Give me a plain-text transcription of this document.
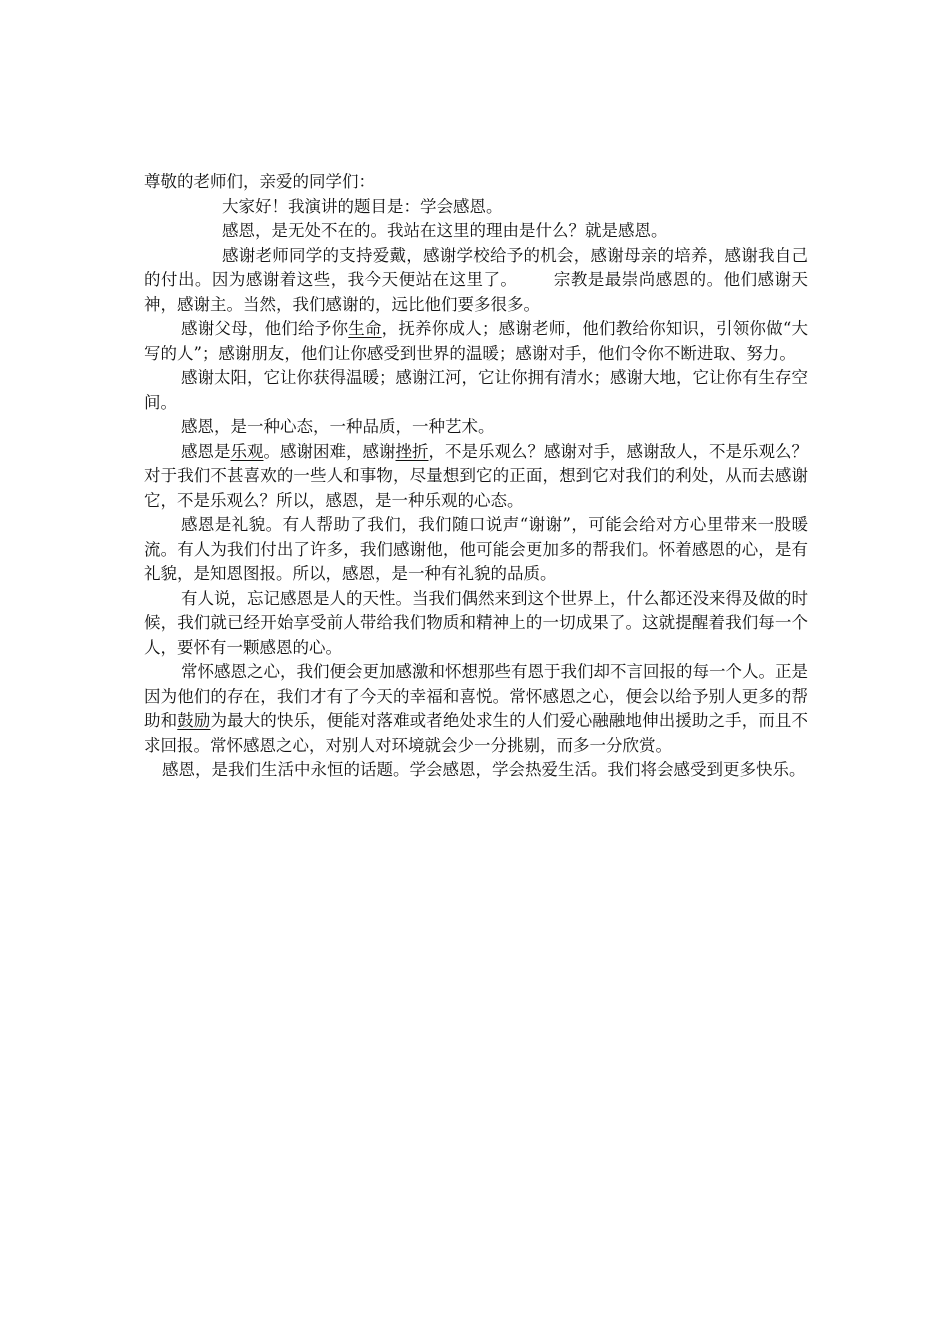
尊敬的老师们，亲爱的同学们：

大家好！我演讲的题目是：学会感恩。

感恩，是无处不在的。我站在这里的理由是什么？就是感恩。

感谢老师同学的支持爱戴，感谢学校给予的机会，感谢母亲的培养，感谢我自己的付出。因为感谢着这些，我今天便站在这里了。 宗教是最崇尚感恩的。他们感谢天神，感谢主。当然，我们感谢的，远比他们要多很多。

感谢父母，他们给予你生命，抚养你成人；感谢老师，他们教给你知识，引领你做“大写的人”；感谢朋友，他们让你感受到世界的温暖；感谢对手，他们令你不断进取、努力。

感谢太阳，它让你获得温暖；感谢江河，它让你拥有清水；感谢大地，它让你有生存空间。

感恩，是一种心态，一种品质，一种艺术。

感恩是乐观。感谢困难，感谢挫折，不是乐观么？感谢对手，感谢敌人，不是乐观么？对于我们不甚喜欢的一些人和事物，尽量想到它的正面，想到它对我们的利处，从而去感谢它，不是乐观么？所以，感恩，是一种乐观的心态。

感恩是礼貌。有人帮助了我们，我们随口说声“谢谢”，可能会给对方心里带来一股暖流。有人为我们付出了许多，我们感谢他，他可能会更加多的帮我们。怀着感恩的心，是有礼貌，是知恩图报。所以，感恩，是一种有礼貌的品质。

有人说，忘记感恩是人的天性。当我们偶然来到这个世界上，什么都还没来得及做的时候，我们就已经开始享受前人带给我们物质和精神上的一切成果了。这就提醒着我们每一个人，要怀有一颗感恩的心。

常怀感恩之心，我们便会更加感激和怀想那些有恩于我们却不言回报的每一个人。正是因为他们的存在，我们才有了今天的幸福和喜悦。常怀感恩之心，便会以给予别人更多的帮助和鼓励为最大的快乐，便能对落难或者绝处求生的人们爱心融融地伸出援助之手，而且不求回报。常怀感恩之心，对别人对环境就会少一分挑剔，而多一分欣赏。

感恩，是我们生活中永恒的话题。学会感恩，学会热爱生活。我们将会感受到更多快乐。
